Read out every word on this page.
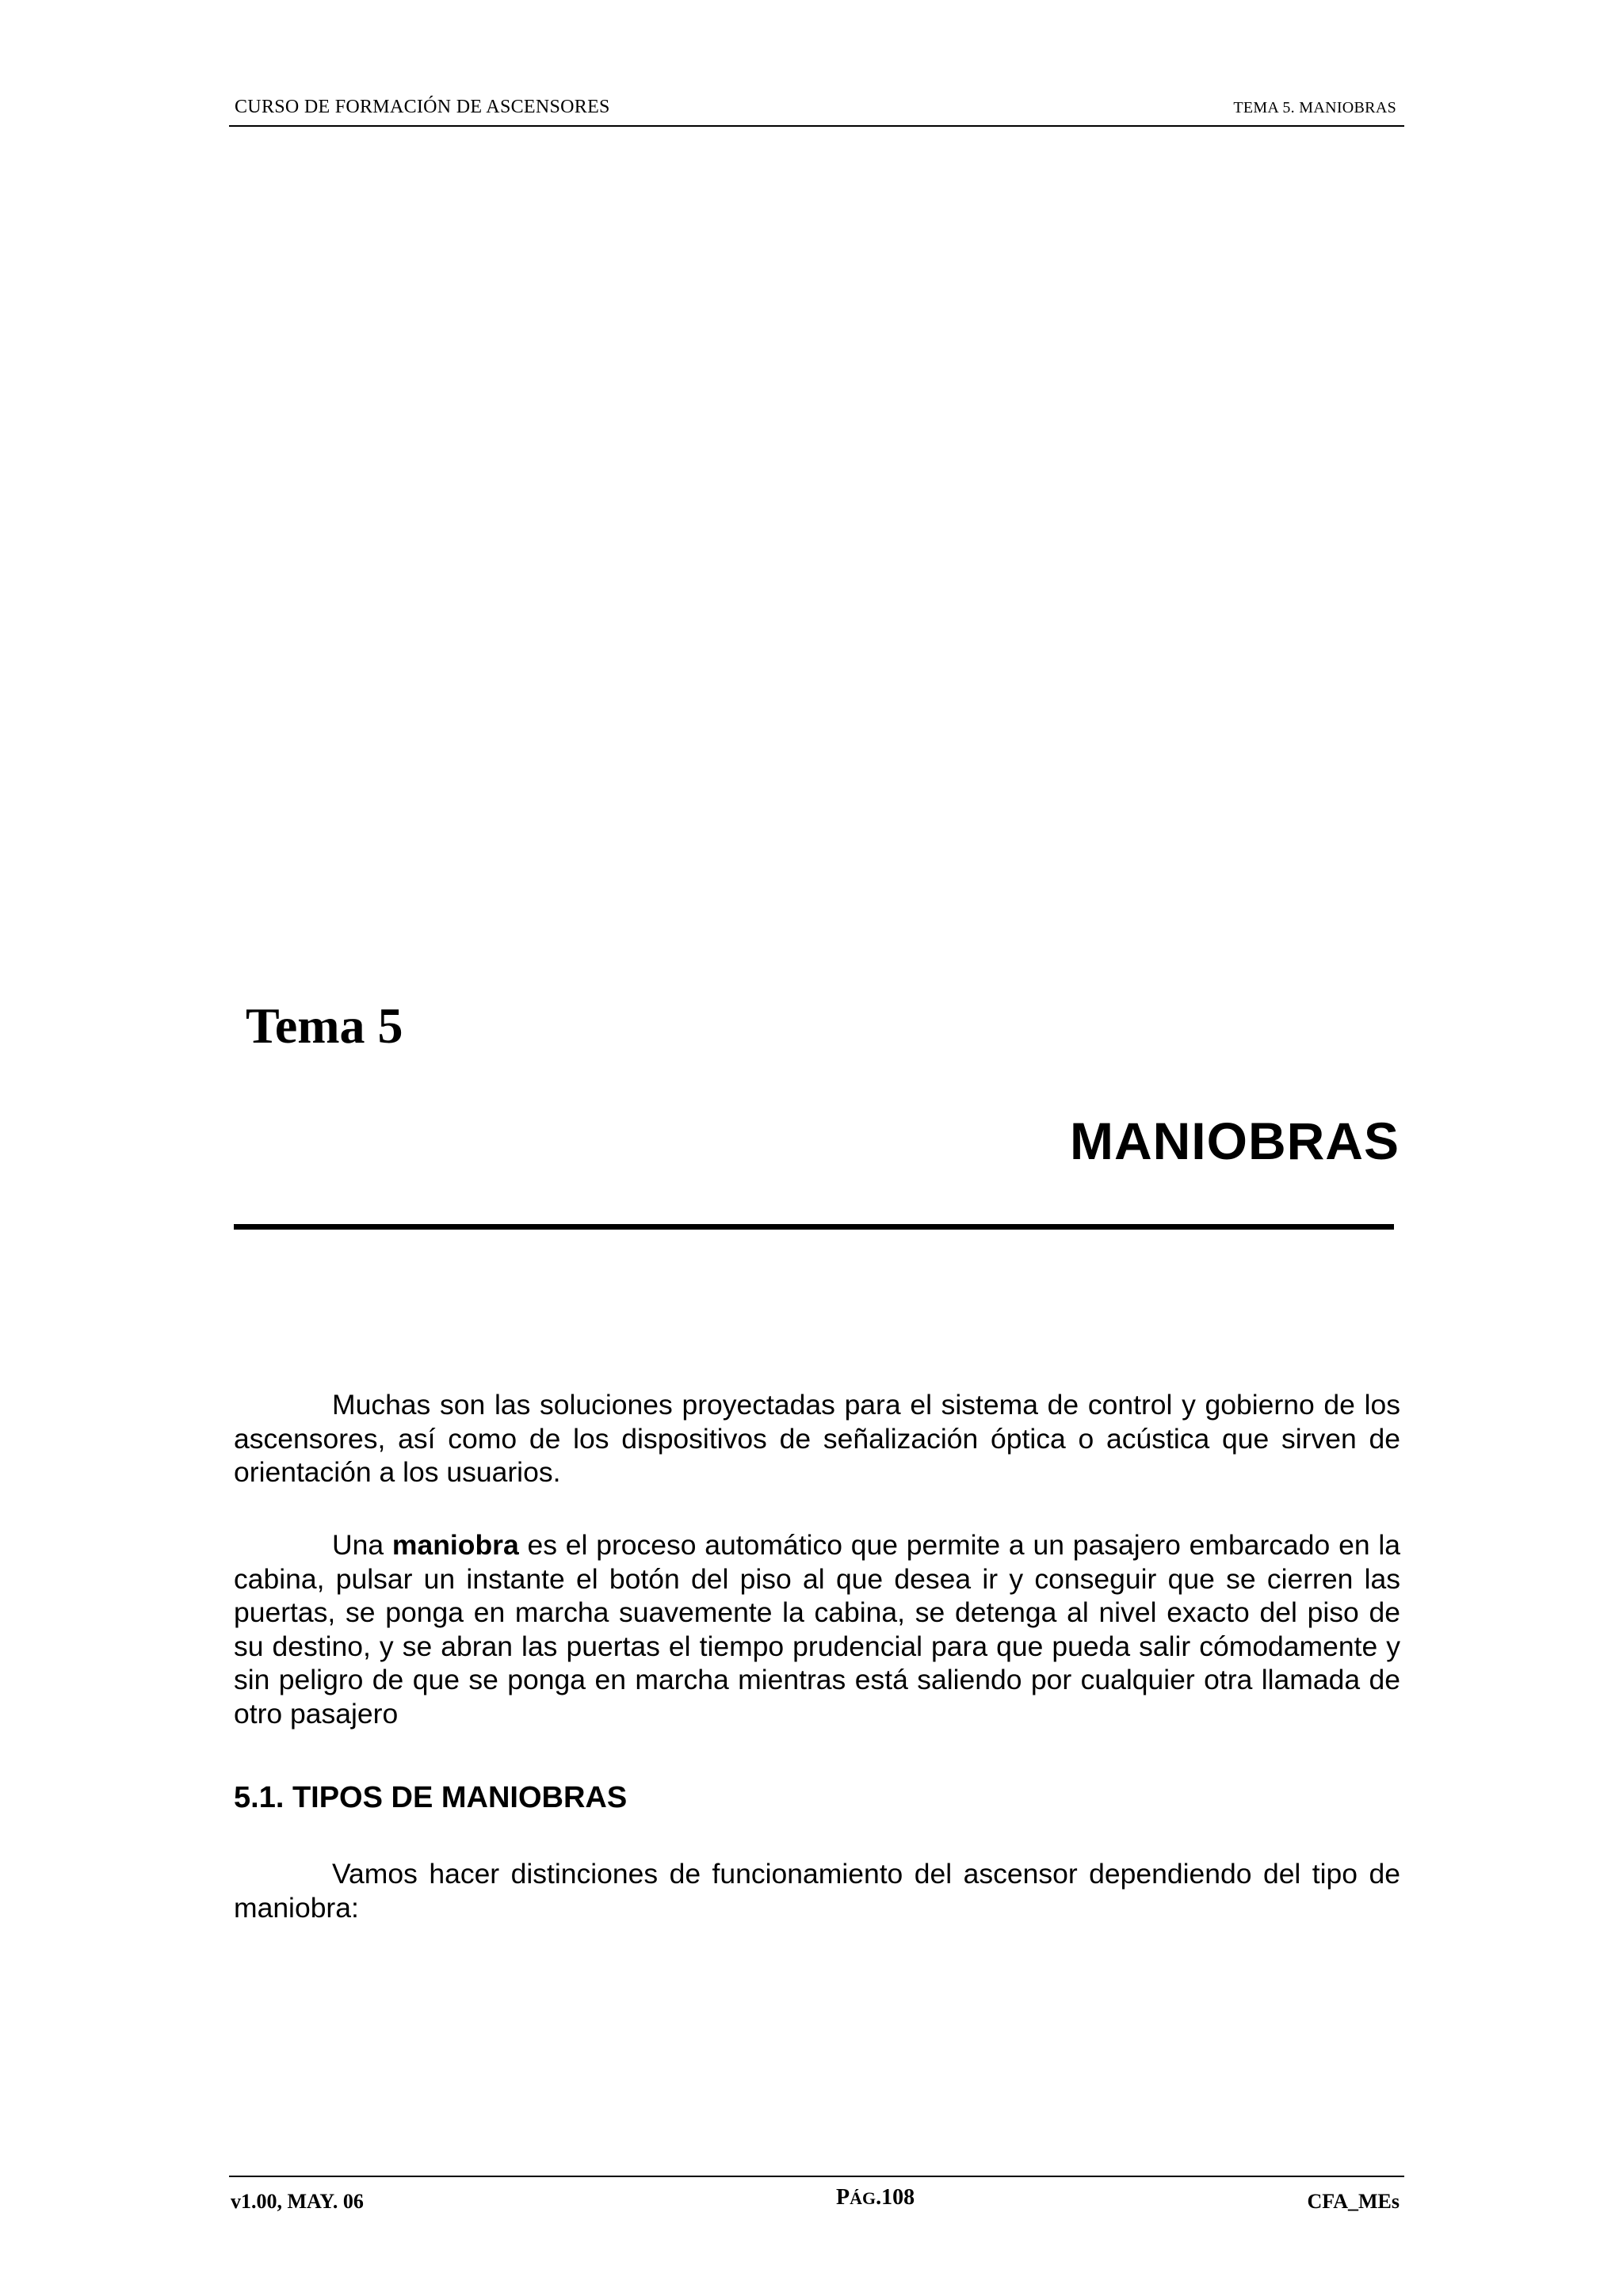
CURSO DE FORMACIÓN DE ASCENSORES	TEMA 5. MANIOBRAS
Tema 5
MANIOBRAS
Muchas son las soluciones proyectadas para el sistema de control y gobierno de los ascensores, así como de los dispositivos de señalización óptica o acústica que sirven de orientación a los usuarios.
Una maniobra es el proceso automático que permite a un pasajero embarcado en la cabina, pulsar un instante el botón del piso al que desea ir y conseguir que se cierren las puertas, se ponga en marcha suavemente la cabina, se detenga al nivel exacto del piso de su destino, y se abran las puertas el tiempo prudencial para que pueda salir cómodamente y sin peligro de que se ponga en marcha mientras está saliendo por cualquier otra llamada de otro pasajero
5.1. TIPOS DE MANIOBRAS
Vamos hacer distinciones de funcionamiento del ascensor dependiendo del tipo de maniobra:
v1.00, MAY. 06	PÁG.108	CFA_MEs
